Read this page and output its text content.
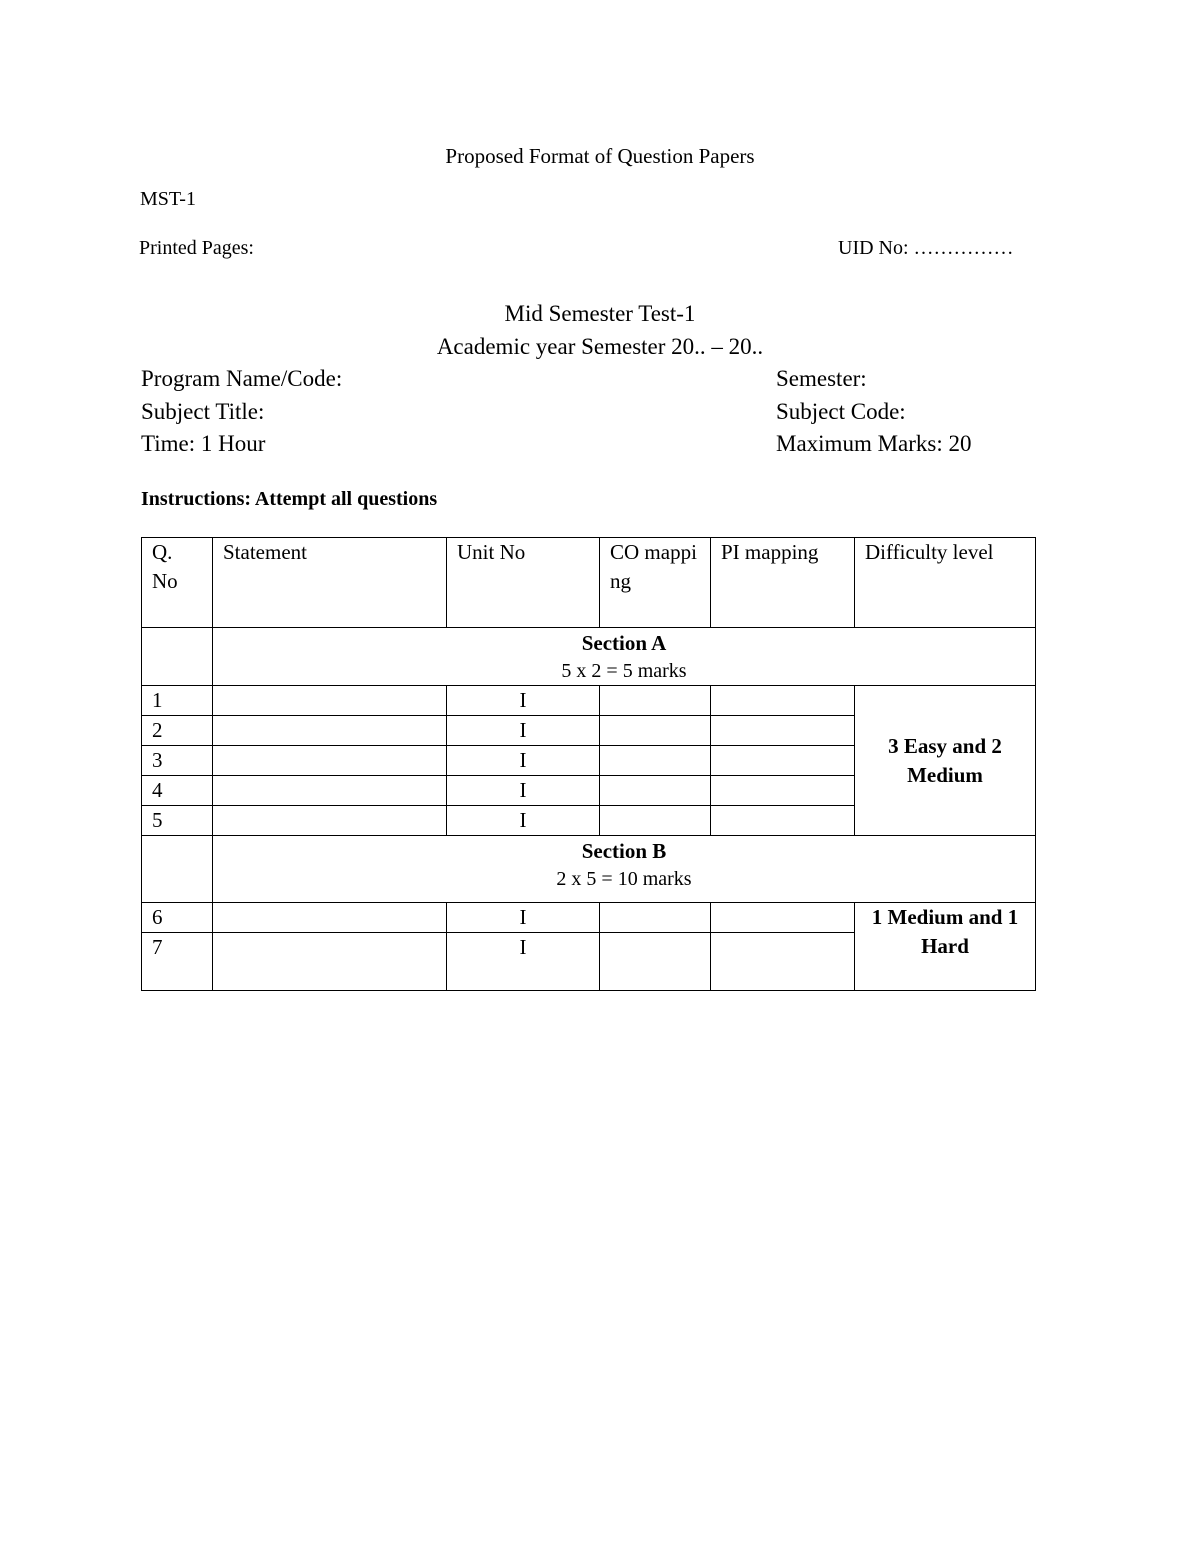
Proposed Format of Question Papers
MST-1
Printed Pages:	UID No: ……………
Mid Semester Test-1
Academic year Semester 20.. – 20..
Program Name/Code:	Semester:
Subject Title:	Subject Code:
Time: 1 Hour	Maximum Marks: 20
Instructions: Attempt all questions
Q. No	Statement	Unit No	CO mapping	PI mapping	Difficulty level

	Section A
5 x 2 = 5 marks				

1		I			3 Easy and 2 Medium
2		I			
3		I			
4		I			
5		I			

	Section B
2 x 5 = 10 marks				

6		I			1 Medium and 1 Hard
7		I			
